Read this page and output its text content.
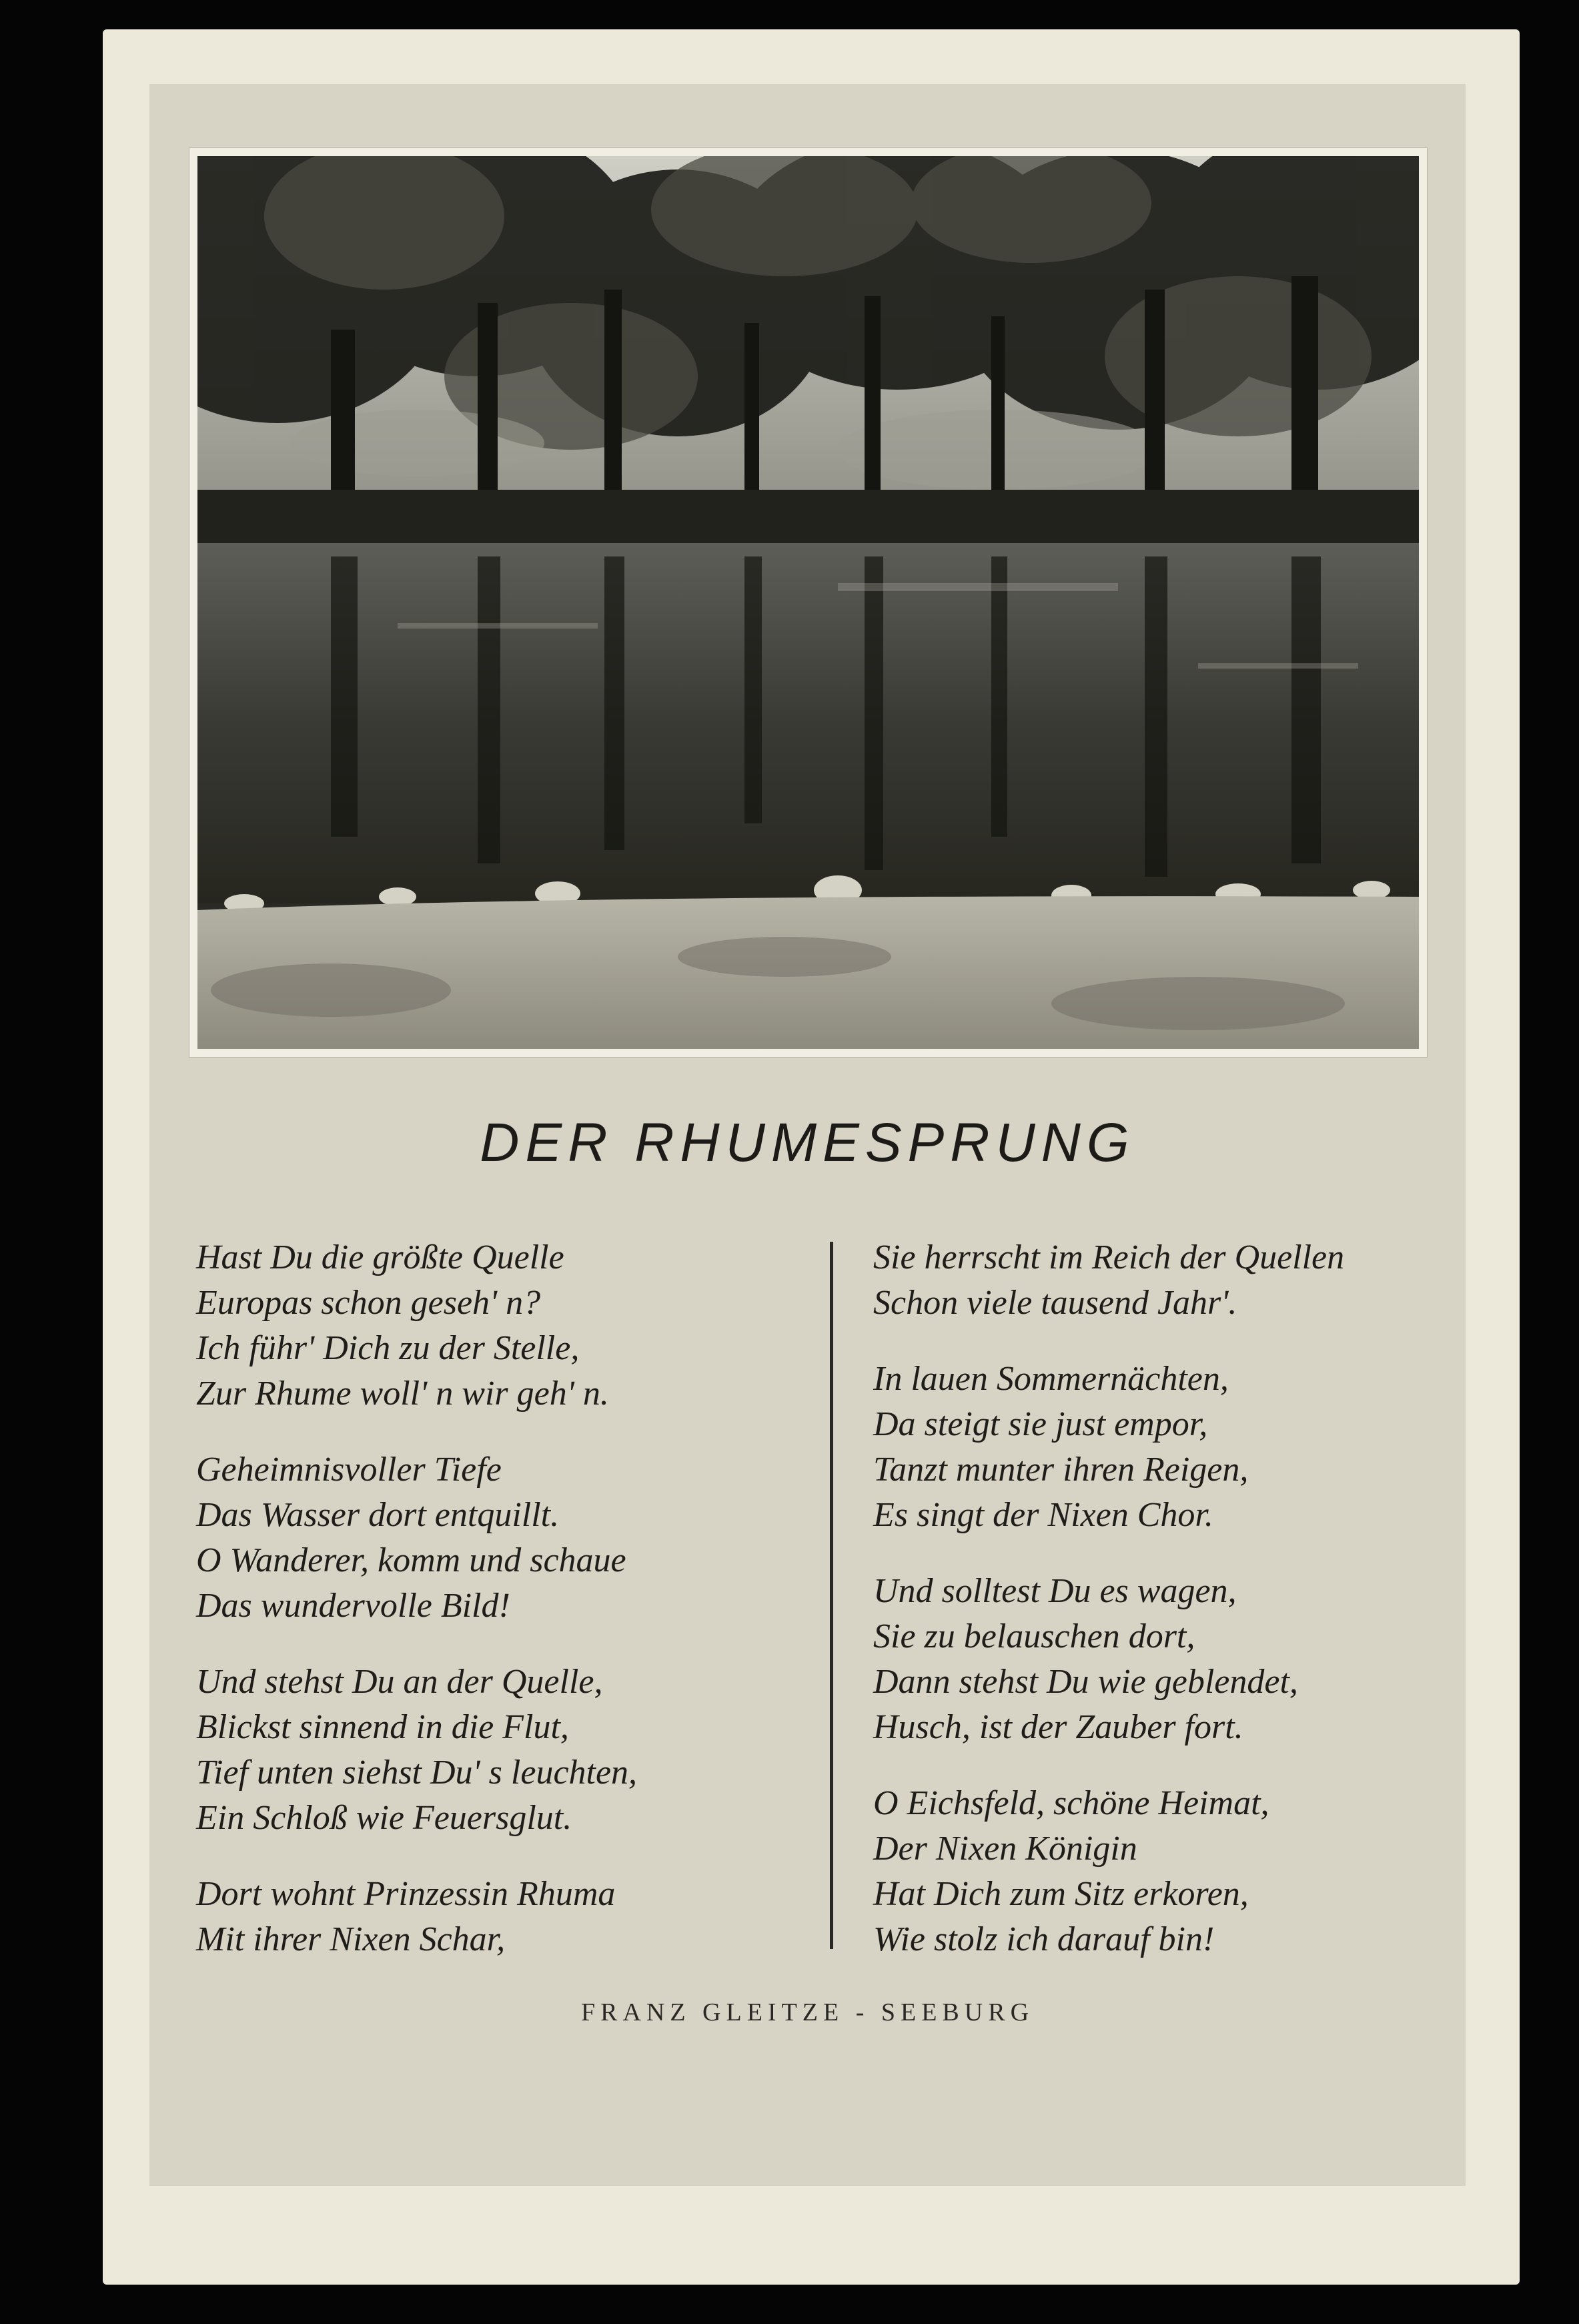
DER RHUMESPRUNG
Hast Du die größte Quelle
Europas schon geseh' n?
Ich führ' Dich zu der Stelle,
Zur Rhume woll' n wir geh' n.
Geheimnisvoller Tiefe
Das Wasser dort entquillt.
O Wanderer, komm und schaue
Das wundervolle Bild!
Und stehst Du an der Quelle,
Blickst sinnend in die Flut,
Tief unten siehst Du' s leuchten,
Ein Schloß wie Feuersglut.
Dort wohnt Prinzessin Rhuma
Mit ihrer Nixen Schar,
Sie herrscht im Reich der Quellen
Schon viele tausend Jahr'.
In lauen Sommernächten,
Da steigt sie just empor,
Tanzt munter ihren Reigen,
Es singt der Nixen Chor.
Und solltest Du es wagen,
Sie zu belauschen dort,
Dann stehst Du wie geblendet,
Husch, ist der Zauber fort.
O Eichsfeld, schöne Heimat,
Der Nixen Königin
Hat Dich zum Sitz erkoren,
Wie stolz ich darauf bin!
FRANZ GLEITZE - SEEBURG
